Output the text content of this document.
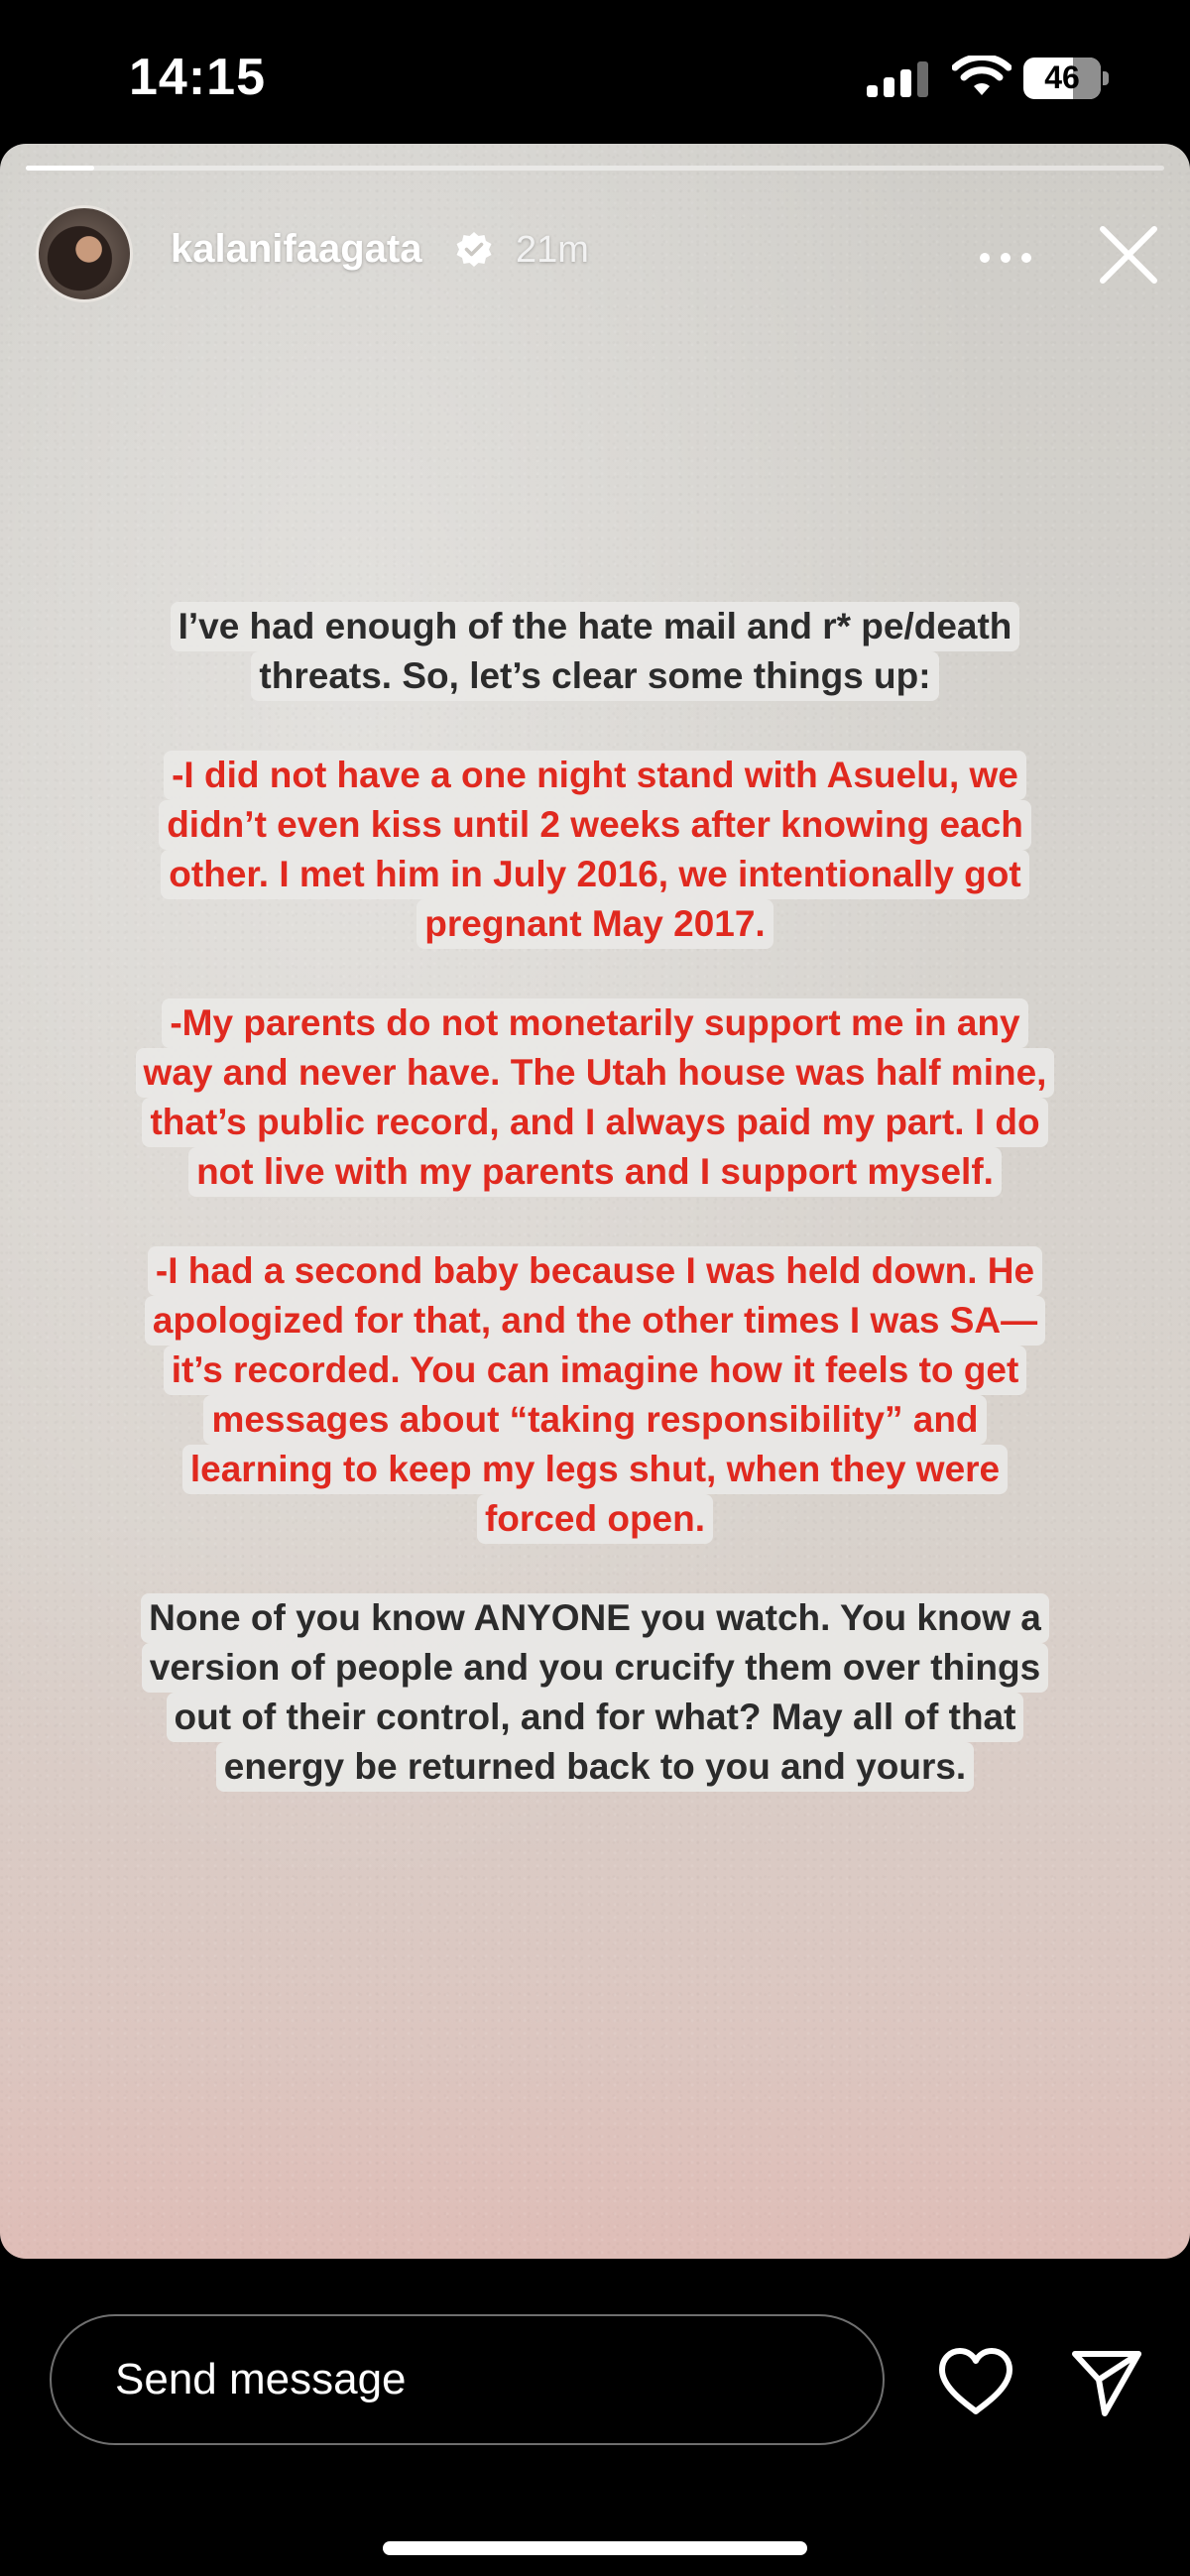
14:15	46
kalanifaagata 21m
I’ve had enough of the hate mail and r* pe/death
threats. So, let’s clear some things up:
-I did not have a one night stand with Asuelu, we
didn’t even kiss until 2 weeks after knowing each
other. I met him in July 2016, we intentionally got
pregnant May 2017.
-My parents do not monetarily support me in any
way and never have. The Utah house was half mine,
that’s public record, and I always paid my part. I do
not live with my parents and I support myself.
-I had a second baby because I was held down. He
apologized for that, and the other times I was SA—
it’s recorded. You can imagine how it feels to get
messages about “taking responsibility” and
learning to keep my legs shut, when they were
forced open.
None of you know ANYONE you watch. You know a
version of people and you crucify them over things
out of their control, and for what? May all of that
energy be returned back to you and yours.
Send message
